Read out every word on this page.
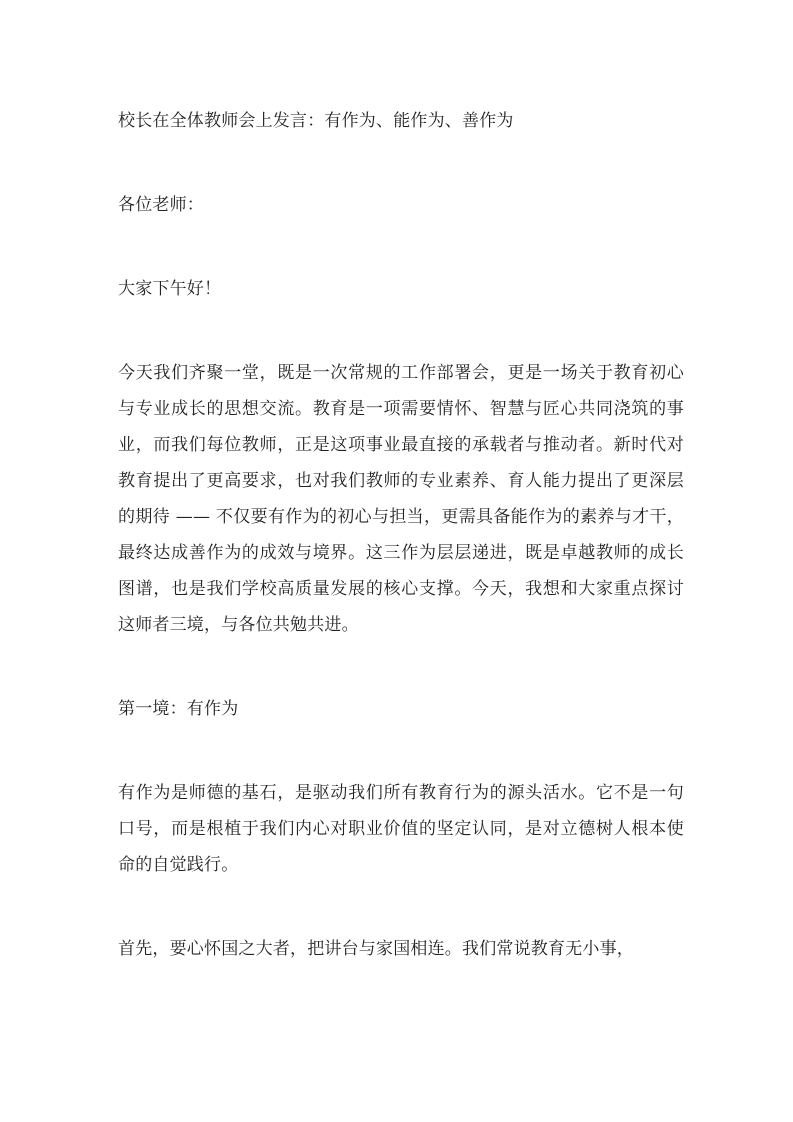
校长在全体教师会上发言：有作为、能作为、善作为

各位老师：

大家下午好！

今天我们齐聚一堂，既是一次常规的工作部署会，更是一场关于教育初心与专业成长的思想交流。教育是一项需要情怀、智慧与匠心共同浇筑的事业，而我们每位教师，正是这项事业最直接的承载者与推动者。新时代对教育提出了更高要求，也对我们教师的专业素养、育人能力提出了更深层的期待 —— 不仅要有作为的初心与担当，更需具备能作为的素养与才干，最终达成善作为的成效与境界。这三作为层层递进，既是卓越教师的成长图谱，也是我们学校高质量发展的核心支撑。今天，我想和大家重点探讨这师者三境，与各位共勉共进。

第一境：有作为

有作为是师德的基石，是驱动我们所有教育行为的源头活水。它不是一句口号，而是根植于我们内心对职业价值的坚定认同，是对立德树人根本使命的自觉践行。

首先，要心怀国之大者，把讲台与家国相连。我们常说教育无小事，
